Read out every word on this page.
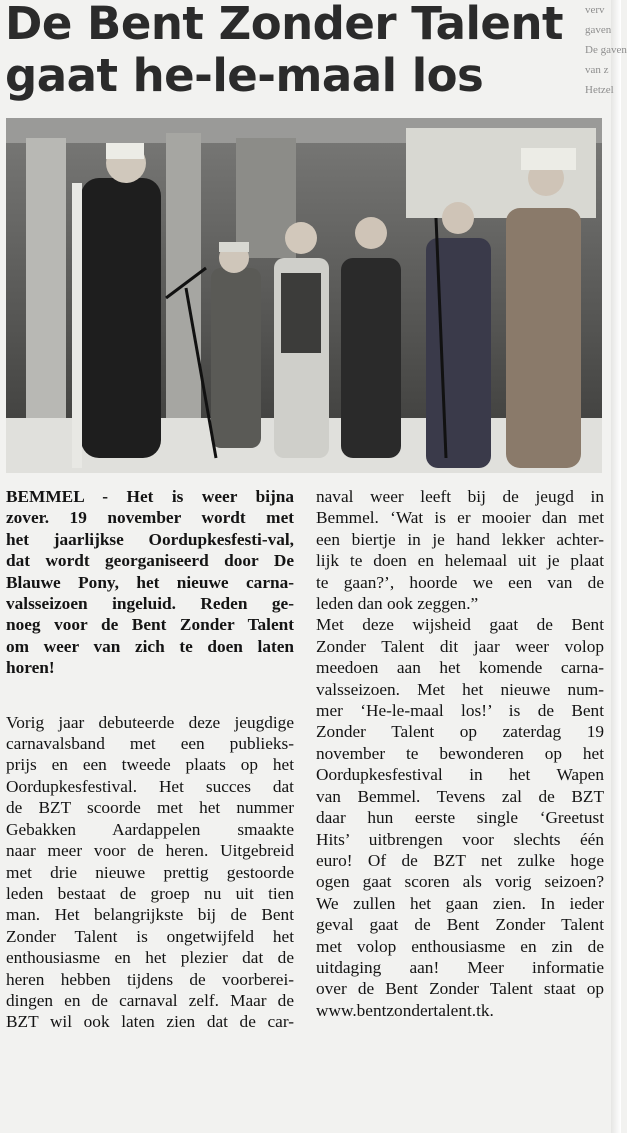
verv
gaven
De gaven
van z
Hetzel
De Bent Zonder Talent
gaat he-le-maal los
BEMMEL - Het is weer bijna
zover. 19 november wordt met
het jaarlijkse Oordupkesfesti-val,
dat wordt georganiseerd door De
Blauwe Pony, het nieuwe carna-
valsseizoen ingeluid. Reden ge-
noeg voor de Bent Zonder Talent
om weer van zich te doen laten
horen!
Vorig jaar debuteerde deze jeugdige
carnavalsband met een publieks-
prijs en een tweede plaats op het
Oordupkesfestival. Het succes dat
de BZT scoorde met het nummer
Gebakken Aardappelen smaakte
naar meer voor de heren. Uitgebreid
met drie nieuwe prettig gestoorde
leden bestaat de groep nu uit tien
man. Het belangrijkste bij de Bent
Zonder Talent is ongetwijfeld het
enthousiasme en het plezier dat de
heren hebben tijdens de voorberei-
dingen en de carnaval zelf. Maar de
BZT wil ook laten zien dat de car-
naval weer leeft bij de jeugd in
Bemmel. ‘Wat is er mooier dan met
een biertje in je hand lekker achter-
lijk te doen en helemaal uit je plaat
te gaan?’, hoorde we een van de
leden dan ook zeggen.”
Met deze wijsheid gaat de Bent
Zonder Talent dit jaar weer volop
meedoen aan het komende carna-
valsseizoen. Met het nieuwe num-
mer ‘He-le-maal los!’ is de Bent
Zonder Talent op zaterdag 19
november te bewonderen op het
Oordupkesfestival in het Wapen
van Bemmel. Tevens zal de BZT
daar hun eerste single ‘Greetust
Hits’ uitbrengen voor slechts één
euro! Of de BZT net zulke hoge
ogen gaat scoren als vorig seizoen?
We zullen het gaan zien. In ieder
geval gaat de Bent Zonder Talent
met volop enthousiasme en zin de
uitdaging aan! Meer informatie
over de Bent Zonder Talent staat op
www.bentzondertalent.tk.
